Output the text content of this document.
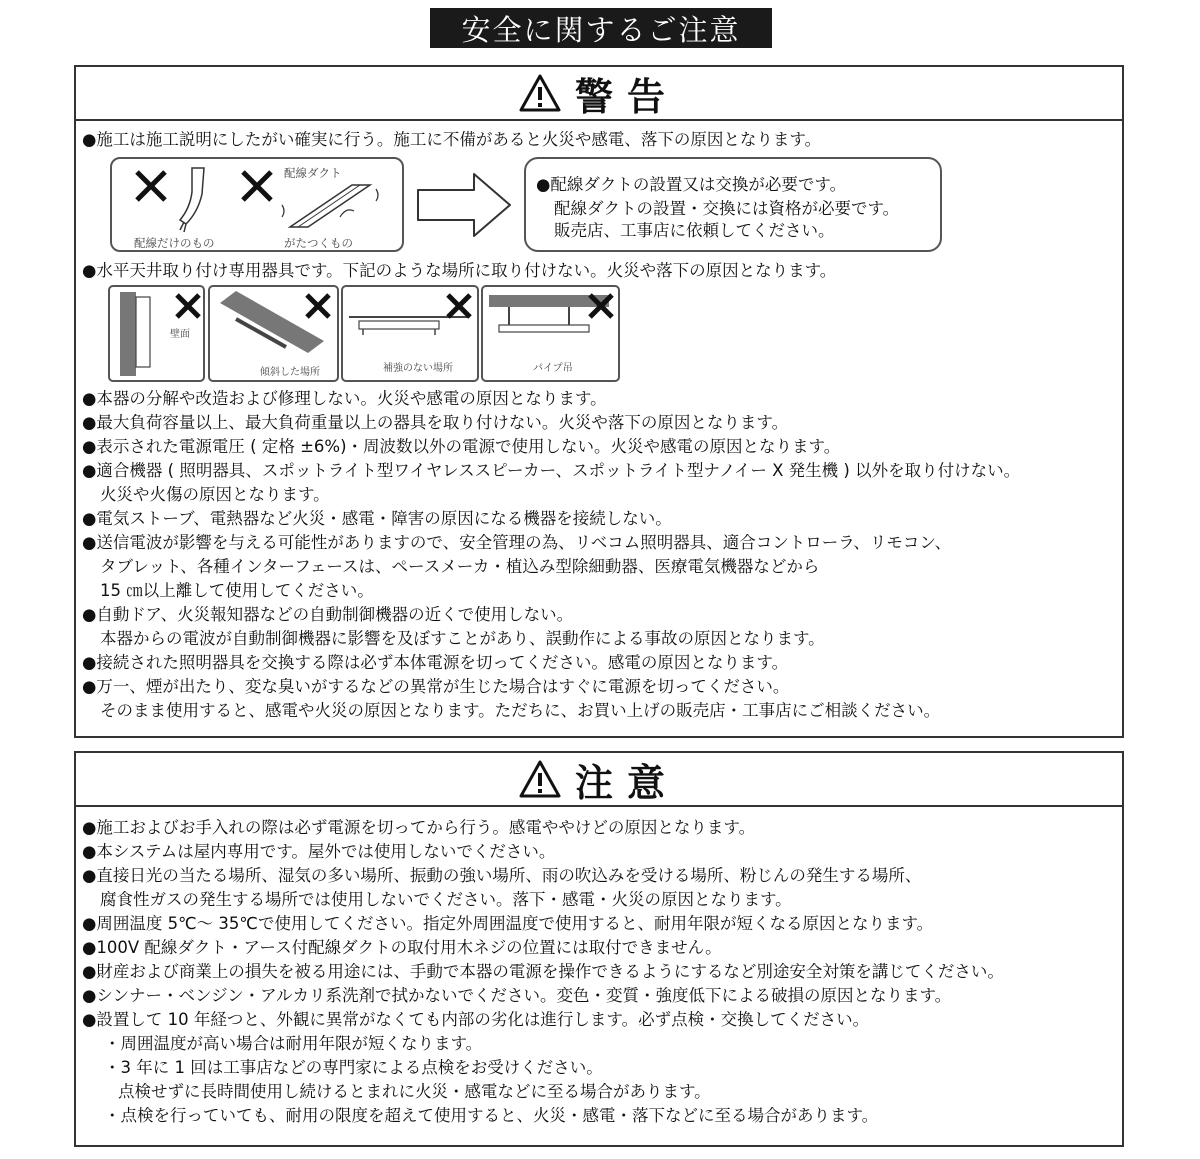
安全に関するご注意
警告
●施工は施工説明にしたがい確実に行う。施工に不備があると火災や感電、落下の原因となります。
配線ダクト
配線だけのもの	がたつくもの
●配線ダクトの設置又は交換が必要です。
配線ダクトの設置・交換には資格が必要です。
販売店、工事店に依頼してください。
●水平天井取り付け専用器具です。下記のような場所に取り付けない。火災や落下の原因となります。
壁面
傾斜した場所	補強のない場所	パイプ吊
●本器の分解や改造および修理しない。火災や感電の原因となります。
●最大負荷容量以上、最大負荷重量以上の器具を取り付けない。火災や落下の原因となります。
●表示された電源電圧 ( 定格 ±6%)・周波数以外の電源で使用しない。火災や感電の原因となります。
●適合機器 ( 照明器具、スポットライト型ワイヤレススピーカー、スポットライト型ナノイー X 発生機 ) 以外を取り付けない。
火災や火傷の原因となります。
●電気ストーブ、電熱器など火災・感電・障害の原因になる機器を接続しない。
●送信電波が影響を与える可能性がありますので、安全管理の為、リベコム照明器具、適合コントローラ、リモコン、
タブレット、各種インターフェースは、ペースメーカ・植込み型除細動器、医療電気機器などから
15 ㎝以上離して使用してください。
●自動ドア、火災報知器などの自動制御機器の近くで使用しない。
本器からの電波が自動制御機器に影響を及ぼすことがあり、誤動作による事故の原因となります。
●接続された照明器具を交換する際は必ず本体電源を切ってください。感電の原因となります。
●万一、煙が出たり、変な臭いがするなどの異常が生じた場合はすぐに電源を切ってください。
そのまま使用すると、感電や火災の原因となります。ただちに、お買い上げの販売店・工事店にご相談ください。
注意
●施工およびお手入れの際は必ず電源を切ってから行う。感電ややけどの原因となります。
●本システムは屋内専用です。屋外では使用しないでください。
●直接日光の当たる場所、湿気の多い場所、振動の強い場所、雨の吹込みを受ける場所、粉じんの発生する場所、
腐食性ガスの発生する場所では使用しないでください。落下・感電・火災の原因となります。
●周囲温度 5℃～ 35℃で使用してください。指定外周囲温度で使用すると、耐用年限が短くなる原因となります。
●100V 配線ダクト・アース付配線ダクトの取付用木ネジの位置には取付できません。
●財産および商業上の損失を被る用途には、手動で本器の電源を操作できるようにするなど別途安全対策を講じてください。
●シンナー・ベンジン・アルカリ系洗剤で拭かないでください。変色・変質・強度低下による破損の原因となります。
●設置して 10 年経つと、外観に異常がなくても内部の劣化は進行します。必ず点検・交換してください。
・周囲温度が高い場合は耐用年限が短くなります。
・3 年に 1 回は工事店などの専門家による点検をお受けください。
点検せずに長時間使用し続けるとまれに火災・感電などに至る場合があります。
・点検を行っていても、耐用の限度を超えて使用すると、火災・感電・落下などに至る場合があります。
